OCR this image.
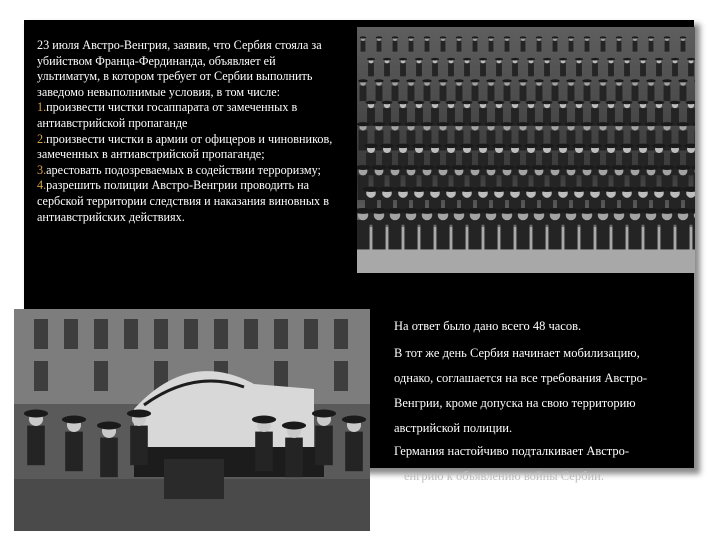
23 июля Австро-Венгрия, заявив, что Сербия стояла за убийством Франца-Фердинанда, объявляет ей ультиматум, в котором требует от Сербии выполнить заведомо невыполнимые условия, в том числе:
1.произвести чистки госаппарата от замеченных в антиавстрийской пропаганде
2.произвести чистки в армии от офицеров и чиновников, замеченных в антиавстрийской пропаганде;
3.арестовать подозреваемых в содействии терроризму;
4.разрешить полиции Австро-Венгрии проводить на сербской территории следствия и наказания виновных в антиавстрийских действиях.
На ответ было дано всего 48 часов.
В тот же день Сербия начинает мобилизацию,
однако, соглашается на все требования Австро-
Венгрии, кроме допуска на свою территорию
австрийской полиции.
Германия настойчиво подталкивает Австро-
енгрию к объявлению войны Сербии.
